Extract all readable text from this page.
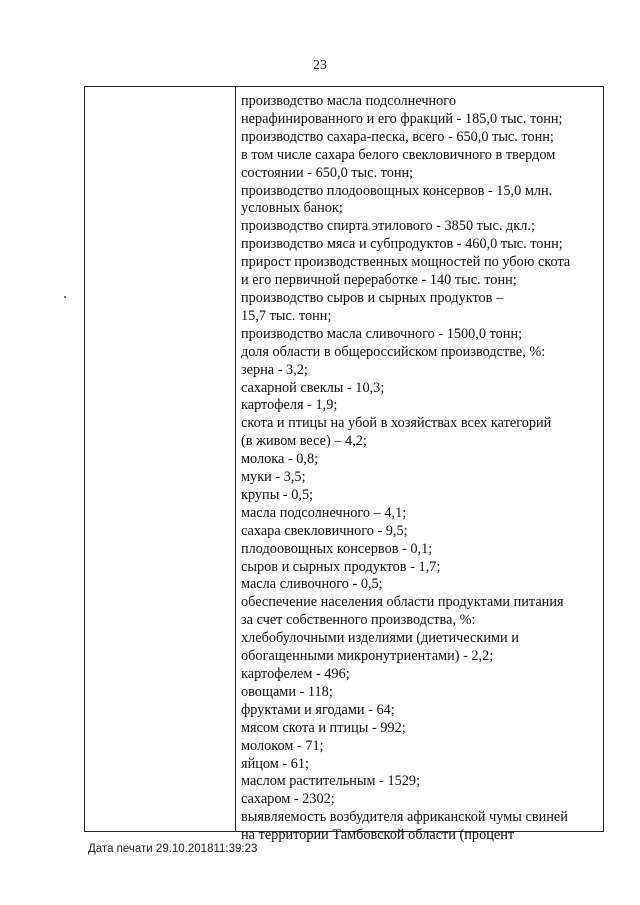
23
производство масла подсолнечного
нерафинированного и его фракций - 185,0 тыс. тонн;
производство сахара-песка, всего - 650,0 тыс. тонн;
в том числе сахара белого свекловичного в твердом
состоянии - 650,0 тыс. тонн;
производство плодоовощных консервов - 15,0 млн.
условных банок;
производство спирта этилового - 3850 тыс. дкл.;
производство мяса и субпродуктов - 460,0 тыс. тонн;
прирост производственных мощностей по убою скота
и его первичной переработке - 140 тыс. тонн;
производство сыров и сырных продуктов –
15,7 тыс. тонн;
производство масла сливочного - 1500,0 тонн;
доля области в общероссийском производстве, %:
зерна - 3,2;
сахарной свеклы - 10,3;
картофеля - 1,9;
скота и птицы на убой в хозяйствах всех категорий
(в живом весе) – 4,2;
молока - 0,8;
муки - 3,5;
крупы - 0,5;
масла подсолнечного – 4,1;
сахара свекловичного - 9,5;
плодоовощных консервов - 0,1;
сыров и сырных продуктов - 1,7;
масла сливочного - 0,5;
обеспечение населения области продуктами питания
за счет собственного производства, %:
хлебобулочными изделиями (диетическими и
обогащенными микронутриентами) - 2,2;
картофелем - 496;
овощами - 118;
фруктами и ягодами - 64;
мясом скота и птицы - 992;
молоком - 71;
яйцом - 61;
маслом растительным - 1529;
сахаром - 2302;
выявляемость возбудителя африканской чумы свиней
на территории Тамбовской области (процент
Дата печати 29.10.201811:39:23
